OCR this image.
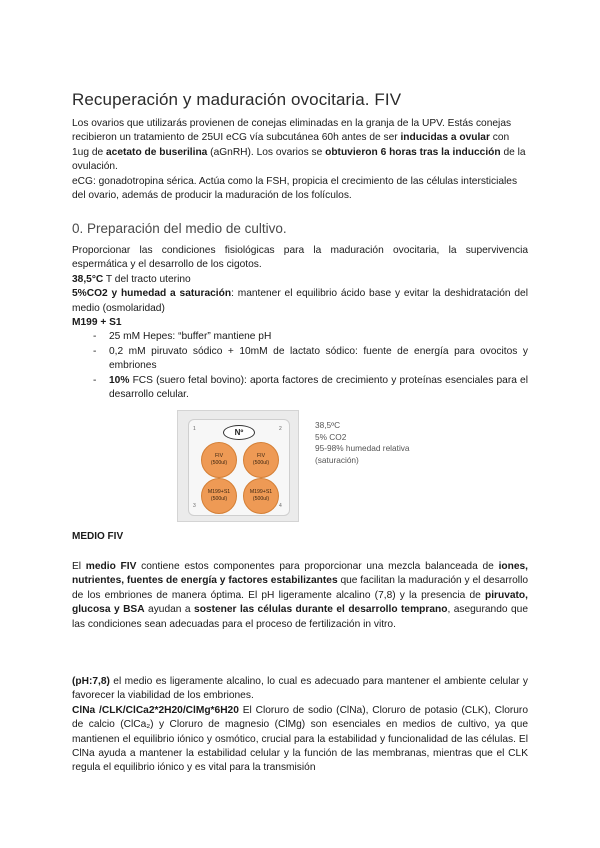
Recuperación y maduración ovocitaria. FIV

Los ovarios que utilizarás provienen de conejas eliminadas en la granja de la UPV. Estás conejas recibieron un tratamiento de 25UI eCG vía subcutánea 60h antes de ser inducidas a ovular con 1ug de acetato de buserilina (aGnRH). Los ovarios se obtuvieron 6 horas tras la inducción de la ovulación.

eCG: gonadotropina sérica. Actúa como la FSH, propicia el crecimiento de las células intersticiales del ovario, además de producir la maduración de los folículos.

0. Preparación del medio de cultivo.

Proporcionar las condiciones fisiológicas para la maduración ovocitaria, la supervivencia espermática y el desarrollo de los cigotos.

38,5°C T del tracto uterino

5%CO2 y humedad a saturación: mantener el equilibrio ácido base y evitar la deshidratación del medio (osmolaridad)

M199 + S1

- 25 mM Hepes: “buffer” mantiene pH
- 0,2 mM piruvato sódico + 10mM de lactato sódico: fuente de energía para ovocitos y embriones
- 10% FCS (suero fetal bovino): aporta factores de crecimiento y proteínas esenciales para el desarrollo celular.
Nº
1	2
3	4
FIV
(500ul)
FIV
(500ul)
M199+S1
(500ul)
M199+S1
(500ul)
38,5ºC
5% CO2
95-98% humedad relativa
(saturación)

MEDIO FIV

El medio FIV contiene estos componentes para proporcionar una mezcla balanceada de iones, nutrientes, fuentes de energía y factores estabilizantes que facilitan la maduración y el desarrollo de los embriones de manera óptima. El pH ligeramente alcalino (7,8) y la presencia de piruvato, glucosa y BSA ayudan a sostener las células durante el desarrollo temprano, asegurando que las condiciones sean adecuadas para el proceso de fertilización in vitro.

(pH:7,8) el medio es ligeramente alcalino, lo cual es adecuado para mantener el ambiente celular y favorecer la viabilidad de los embriones.

ClNa /CLK/ClCa2*2H20/ClMg*6H20 El Cloruro de sodio (ClNa), Cloruro de potasio (CLK), Cloruro de calcio (ClCa₂) y Cloruro de magnesio (ClMg) son esenciales en medios de cultivo, ya que mantienen el equilibrio iónico y osmótico, crucial para la estabilidad y funcionalidad de las células. El ClNa ayuda a mantener la estabilidad celular y la función de las membranas, mientras que el CLK regula el equilibrio iónico y es vital para la transmisión
